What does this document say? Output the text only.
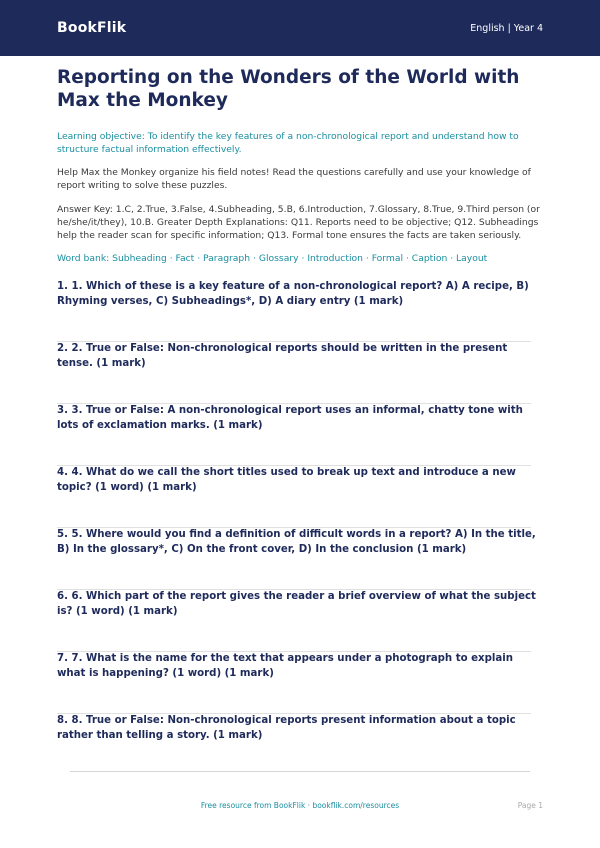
BookFlik	English | Year 4
Reporting on the Wonders of the World with Max the Monkey

Learning objective: To identify the key features of a non-chronological report and understand how to structure factual information effectively.

Help Max the Monkey organize his field notes! Read the questions carefully and use your knowledge of report writing to solve these puzzles.

Answer Key: 1.C, 2.True, 3.False, 4.Subheading, 5.B, 6.Introduction, 7.Glossary, 8.True, 9.Third person (or he/she/it/they), 10.B. Greater Depth Explanations: Q11. Reports need to be objective; Q12. Subheadings help the reader scan for specific information; Q13. Formal tone ensures the facts are taken seriously.

Word bank: Subheading · Fact · Paragraph · Glossary · Introduction · Formal · Caption · Layout

1. 1. Which of these is a key feature of a non-chronological report? A) A recipe, B) Rhyming verses, C) Subheadings*, D) A diary entry (1 mark)
2. 2. True or False: Non-chronological reports should be written in the present tense. (1 mark)
3. 3. True or False: A non-chronological report uses an informal, chatty tone with lots of exclamation marks. (1 mark)
4. 4. What do we call the short titles used to break up text and introduce a new topic? (1 word) (1 mark)
5. 5. Where would you find a definition of difficult words in a report? A) In the title, B) In the glossary*, C) On the front cover, D) In the conclusion (1 mark)
6. 6. Which part of the report gives the reader a brief overview of what the subject is? (1 word) (1 mark)
7. 7. What is the name for the text that appears under a photograph to explain what is happening? (1 word) (1 mark)
8. 8. True or False: Non-chronological reports present information about a topic rather than telling a story. (1 mark)
Free resource from BookFlik · bookflik.com/resources	Page 1
